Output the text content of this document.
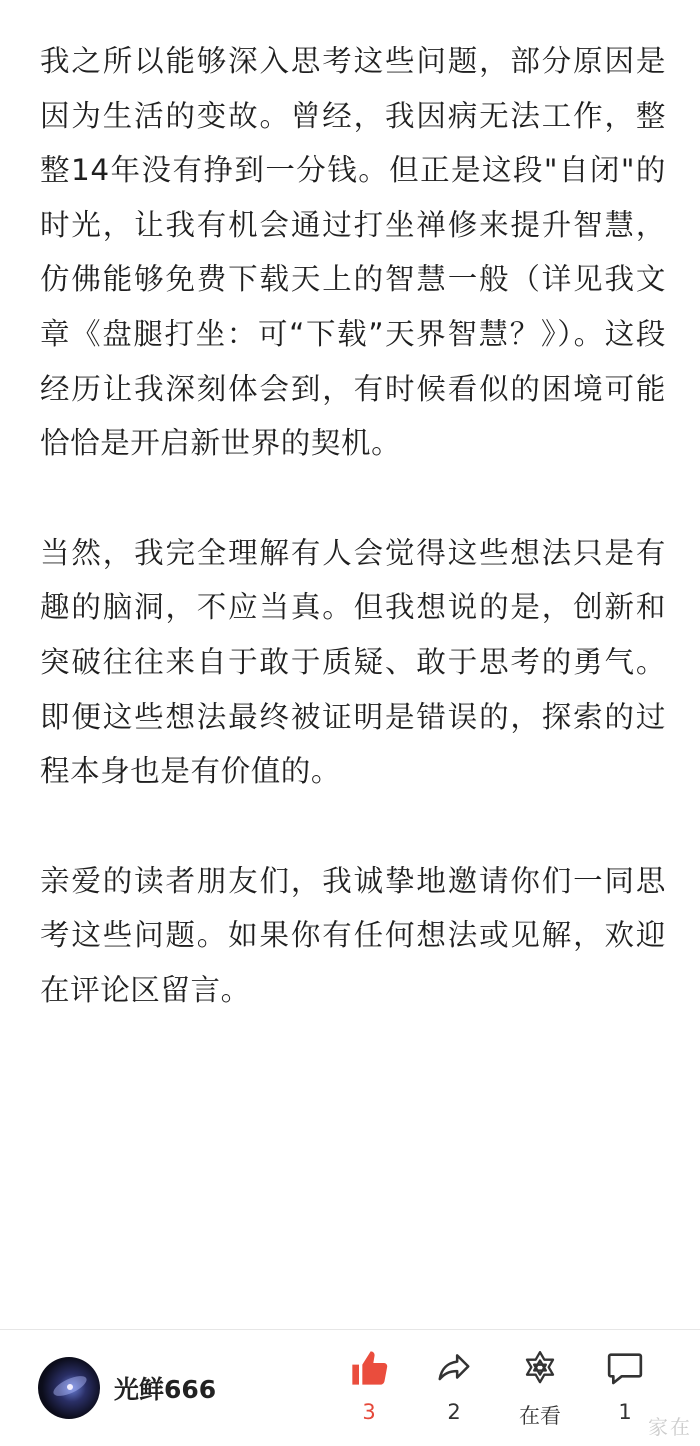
我之所以能够深入思考这些问题，部分原因是因为生活的变故。曾经，我因病无法工作，整整14年没有挣到一分钱。但正是这段"自闭"的时光，让我有机会通过打坐禅修来提升智慧，仿佛能够免费下载天上的智慧一般（详见我文章《盘腿打坐：可“下载”天界智慧？》）。这段经历让我深刻体会到，有时候看似的困境可能恰恰是开启新世界的契机。

当然，我完全理解有人会觉得这些想法只是有趣的脑洞，不应当真。但我想说的是，创新和突破往往来自于敢于质疑、敢于思考的勇气。即便这些想法最终被证明是错误的，探索的过程本身也是有价值的。

亲爱的读者朋友们，我诚挚地邀请你们一同思考这些问题。如果你有任何想法或见解，欢迎在评论区留言。

光鲜666
3	2	在看	1
家在
